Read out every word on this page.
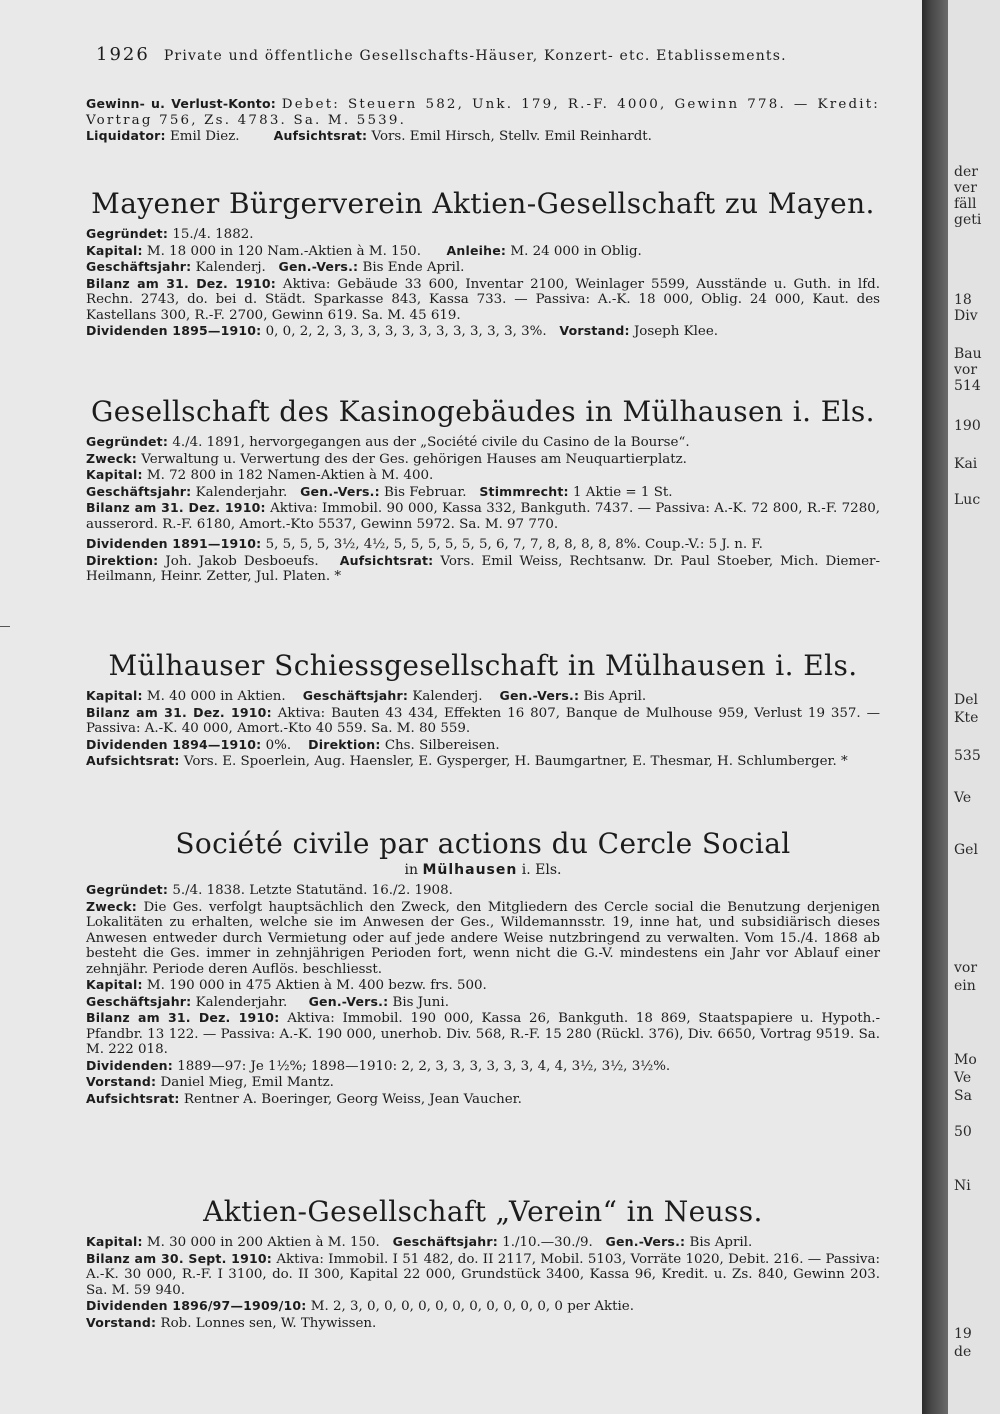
1926 Private und öffentliche Gesellschafts-Häuser, Konzert- etc. Etablissements.

Gewinn- u. Verlust-Konto: Debet: Steuern 582, Unk. 179, R.-F. 4000, Gewinn 778. — Kredit: Vortrag 756, Zs. 4783. Sa. M. 5539.

Liquidator: Emil Diez.	Aufsichtsrat: Vors. Emil Hirsch, Stellv. Emil Reinhardt.

Mayener Bürgerverein Aktien-Gesellschaft zu Mayen.

Gegründet: 15./4. 1882.

Kapital: M. 18 000 in 120 Nam.-Aktien à M. 150. Anleihe: M. 24 000 in Oblig.

Geschäftsjahr: Kalenderj. Gen.-Vers.: Bis Ende April.

Bilanz am 31. Dez. 1910: Aktiva: Gebäude 33 600, Inventar 2100, Weinlager 5599, Ausstände u. Guth. in lfd. Rechn. 2743, do. bei d. Städt. Sparkasse 843, Kassa 733. — Passiva: A.-K. 18 000, Oblig. 24 000, Kaut. des Kastellans 300, R.-F. 2700, Gewinn 619. Sa. M. 45 619.

Dividenden 1895—1910: 0, 0, 2, 2, 3, 3, 3, 3, 3, 3, 3, 3, 3, 3, 3, 3%. Vorstand: Joseph Klee.

Gesellschaft des Kasinogebäudes in Mülhausen i. Els.

Gegründet: 4./4. 1891, hervorgegangen aus der „Société civile du Casino de la Bourse“.

Zweck: Verwaltung u. Verwertung des der Ges. gehörigen Hauses am Neuquartierplatz.

Kapital: M. 72 800 in 182 Namen-Aktien à M. 400.

Geschäftsjahr: Kalenderjahr. Gen.-Vers.: Bis Februar. Stimmrecht: 1 Aktie = 1 St.

Bilanz am 31. Dez. 1910: Aktiva: Immobil. 90 000, Kassa 332, Bankguth. 7437. — Passiva: A.-K. 72 800, R.-F. 7280, ausserord. R.-F. 6180, Amort.-Kto 5537, Gewinn 5972. Sa. M. 97 770.

Dividenden 1891—1910: 5, 5, 5, 5, 3½, 4½, 5, 5, 5, 5, 5, 5, 6, 7, 7, 8, 8, 8, 8, 8%. Coup.-V.: 5 J. n. F.

Direktion: Joh. Jakob Desboeufs. Aufsichtsrat: Vors. Emil Weiss, Rechtsanw. Dr. Paul Stoeber, Mich. Diemer-Heilmann, Heinr. Zetter, Jul. Platen. *

Mülhauser Schiessgesellschaft in Mülhausen i. Els.

Kapital: M. 40 000 in Aktien. Geschäftsjahr: Kalenderj. Gen.-Vers.: Bis April.

Bilanz am 31. Dez. 1910: Aktiva: Bauten 43 434, Effekten 16 807, Banque de Mulhouse 959, Verlust 19 357. — Passiva: A.-K. 40 000, Amort.-Kto 40 559. Sa. M. 80 559.

Dividenden 1894—1910: 0%. Direktion: Chs. Silbereisen.

Aufsichtsrat: Vors. E. Spoerlein, Aug. Haensler, E. Gysperger, H. Baumgartner, E. Thesmar, H. Schlumberger. *

Société civile par actions du Cercle Social
in Mülhausen i. Els.

Gegründet: 5./4. 1838. Letzte Statutänd. 16./2. 1908.

Zweck: Die Ges. verfolgt hauptsächlich den Zweck, den Mitgliedern des Cercle social die Benutzung derjenigen Lokalitäten zu erhalten, welche sie im Anwesen der Ges., Wildemannsstr. 19, inne hat, und subsidiärisch dieses Anwesen entweder durch Vermietung oder auf jede andere Weise nutzbringend zu verwalten. Vom 15./4. 1868 ab besteht die Ges. immer in zehnjährigen Perioden fort, wenn nicht die G.-V. mindestens ein Jahr vor Ablauf einer zehnjähr. Periode deren Auflös. beschliesst.

Kapital: M. 190 000 in 475 Aktien à M. 400 bezw. frs. 500.

Geschäftsjahr: Kalenderjahr. Gen.-Vers.: Bis Juni.

Bilanz am 31. Dez. 1910: Aktiva: Immobil. 190 000, Kassa 26, Bankguth. 18 869, Staatspapiere u. Hypoth.-Pfandbr. 13 122. — Passiva: A.-K. 190 000, unerhob. Div. 568, R.-F. 15 280 (Rückl. 376), Div. 6650, Vortrag 9519. Sa. M. 222 018.

Dividenden: 1889—97: Je 1½%; 1898—1910: 2, 2, 3, 3, 3, 3, 3, 3, 4, 4, 3½, 3½, 3½%.

Vorstand: Daniel Mieg, Emil Mantz.

Aufsichtsrat: Rentner A. Boeringer, Georg Weiss, Jean Vaucher.

Aktien-Gesellschaft „Verein“ in Neuss.

Kapital: M. 30 000 in 200 Aktien à M. 150. Geschäftsjahr: 1./10.—30./9. Gen.-Vers.: Bis April.

Bilanz am 30. Sept. 1910: Aktiva: Immobil. I 51 482, do. II 2117, Mobil. 5103, Vorräte 1020, Debit. 216. — Passiva: A.-K. 30 000, R.-F. I 3100, do. II 300, Kapital 22 000, Grundstück 3400, Kassa 96, Kredit. u. Zs. 840, Gewinn 203. Sa. M. 59 940.

Dividenden 1896/97—1909/10: M. 2, 3, 0, 0, 0, 0, 0, 0, 0, 0, 0, 0, 0, 0 per Aktie.

Vorstand: Rob. Lonnes sen, W. Thywissen.

der
ver
fäll
geti
18
Div
Bau
vor
514
190
Kai
Luc
Del
Kte
535
Ve
Gel
vor
ein
Mo
Ve
Sa
50
Ni
19
de
